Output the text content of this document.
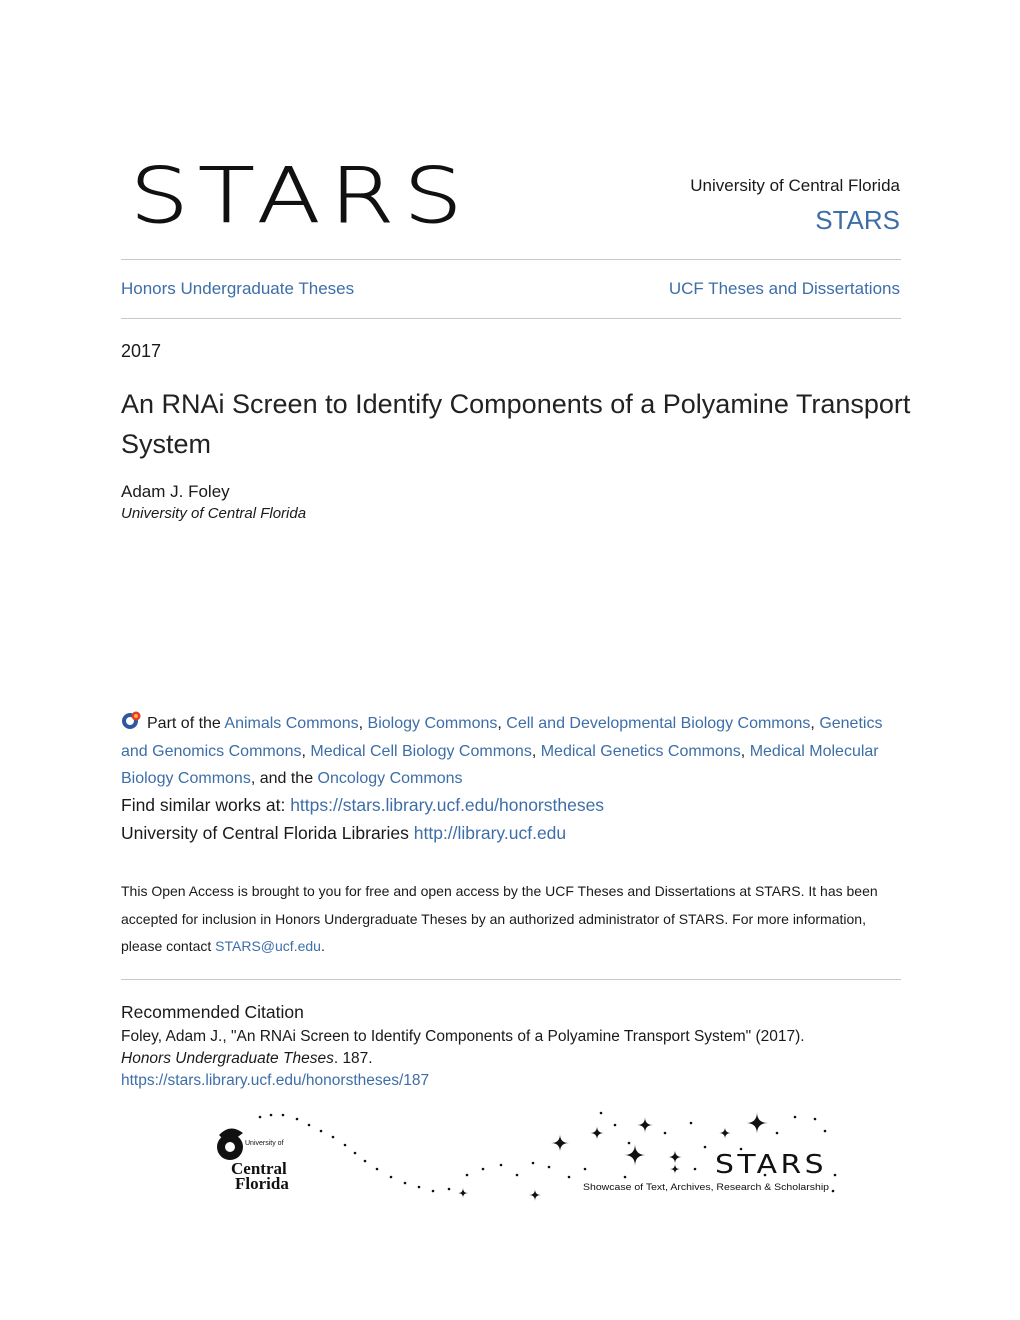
STARS	University of Central Florida
STARS
Honors Undergraduate Theses	UCF Theses and Dissertations
2017
An RNAi Screen to Identify Components of a Polyamine Transport System
Adam J. Foley
University of Central Florida
Part of the Animals Commons, Biology Commons, Cell and Developmental Biology Commons, Genetics and Genomics Commons, Medical Cell Biology Commons, Medical Genetics Commons, Medical Molecular Biology Commons, and the Oncology Commons
Find similar works at: https://stars.library.ucf.edu/honorstheses
University of Central Florida Libraries http://library.ucf.edu
This Open Access is brought to you for free and open access by the UCF Theses and Dissertations at STARS. It has been accepted for inclusion in Honors Undergraduate Theses by an authorized administrator of STARS. For more information, please contact STARS@ucf.edu.
Recommended Citation
Foley, Adam J., "An RNAi Screen to Identify Components of a Polyamine Transport System" (2017).
Honors Undergraduate Theses. 187.
https://stars.library.ucf.edu/honorstheses/187
University of
Central
Florida
STARS
Showcase of Text, Archives, Research & Scholarship
